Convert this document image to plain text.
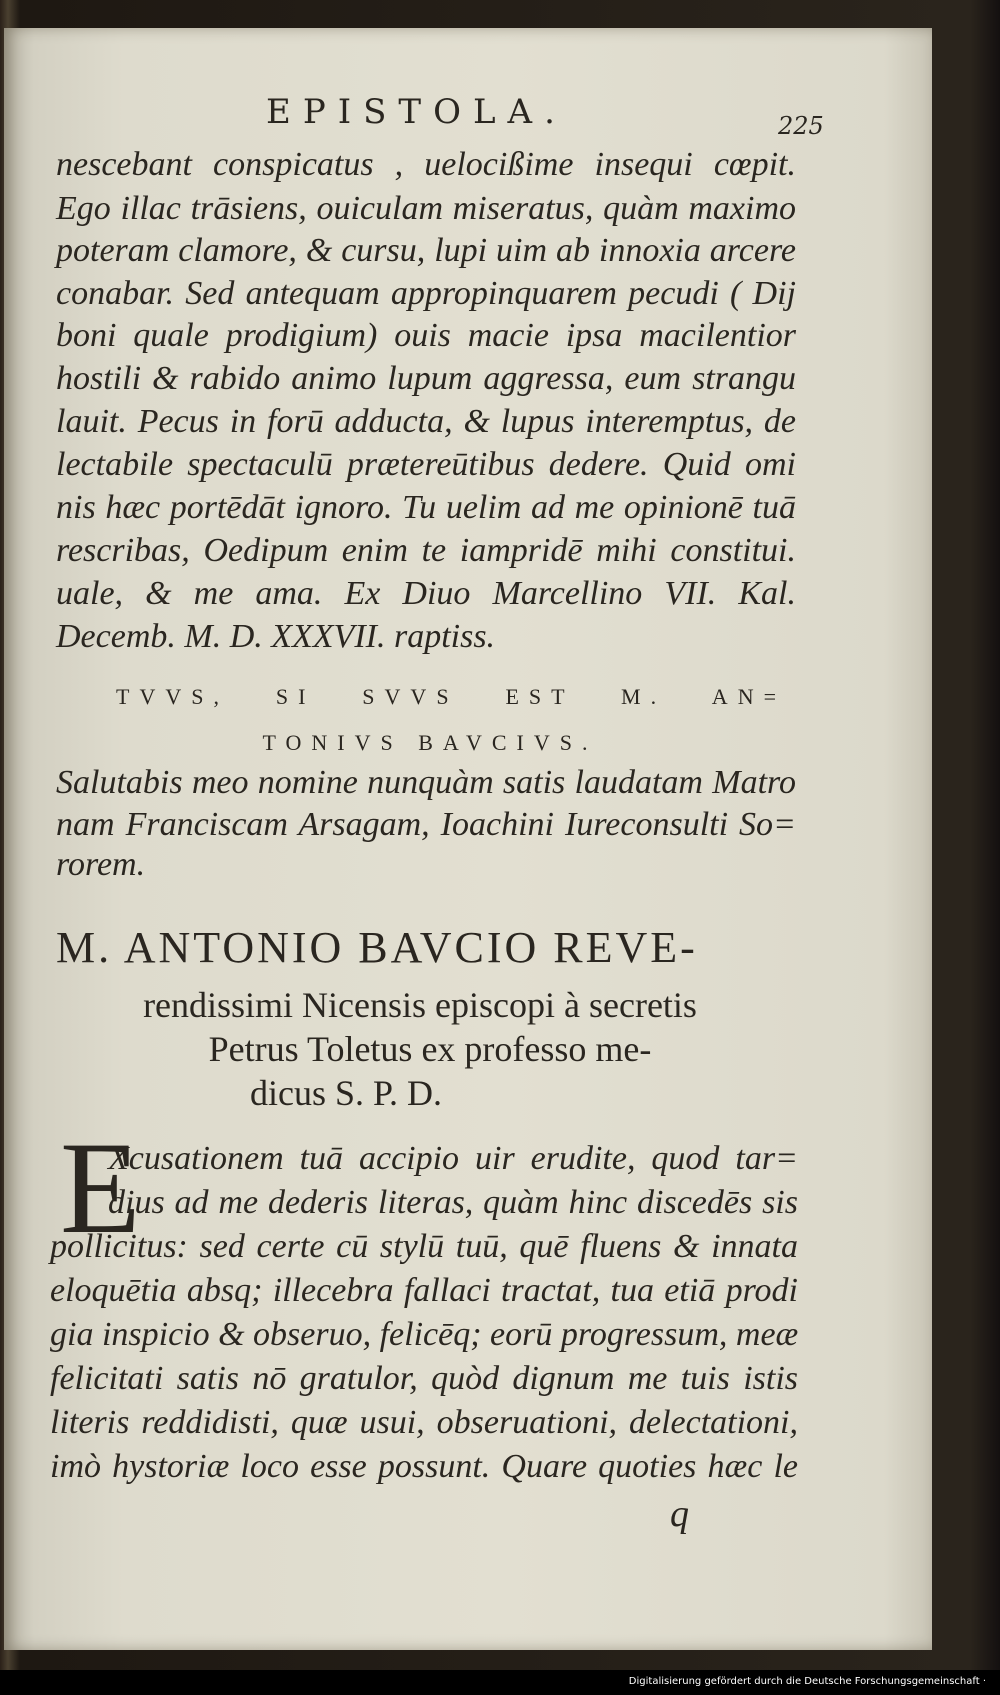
EPISTOLA.	225
nescebant conspicatus , uelocißime insequi cœpit.
Ego illac trāsiens, ouiculam miseratus, quàm maximo
poteram clamore, & cursu, lupi uim ab innoxia arcere
conabar. Sed antequam appropinquarem pecudi ( Dij
boni quale prodigium) ouis macie ipsa macilentior
hostili & rabido animo lupum aggressa, eum strangu
lauit. Pecus in forū adducta, & lupus interemptus, de
lectabile spectaculū prætereūtibus dedere. Quid omi
nis hæc portēdāt ignoro. Tu uelim ad me opinionē tuā
rescribas, Oedipum enim te iampridē mihi constitui.
uale, & me ama. Ex Diuo Marcellino VII. Kal.
Decemb. M. D. XXXVII. raptiss.
TVVS, SI SVVS EST M. AN=
TONIVS BAVCIVS.
Salutabis meo nomine nunquàm satis laudatam Matro
nam Franciscam Arsagam, Ioachini Iureconsulti So=
rorem.
M. ANTONIO BAVCIO REVE-
rendissimi Nicensis episcopi à secretis
Petrus Toletus ex professo me-
dicus S. P. D.
E
Xcusationem tuā accipio uir erudite, quod tar=
dius ad me dederis literas, quàm hinc discedēs sis
pollicitus: sed certe cū stylū tuū, quē fluens & innata
eloquētia absq; illecebra fallaci tractat, tua etiā prodi
gia inspicio & obseruo, felicēq; eorū progressum, meæ
felicitati satis nō gratulor, quòd dignum me tuis istis
literis reddidisti, quæ usui, obseruationi, delectationi,
imò hystoriæ loco esse possunt. Quare quoties hæc le
q
Digitalisierung gefördert durch die Deutsche Forschungsgemeinschaft ·
